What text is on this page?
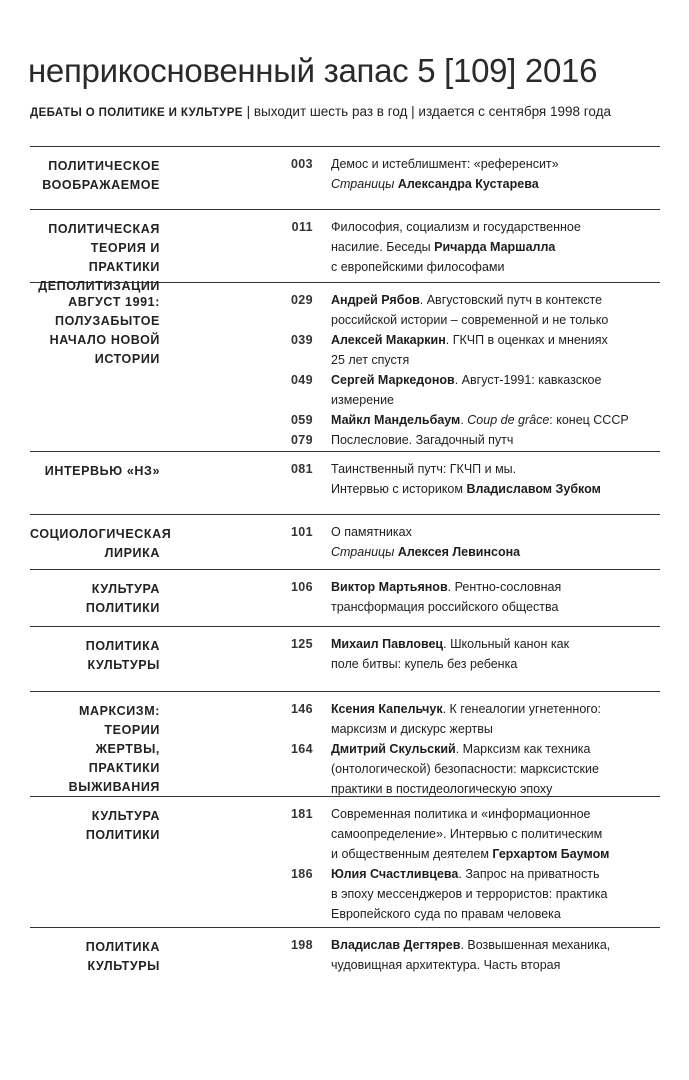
неприкосновенный запас 5 [109] 2016
ДЕБАТЫ О ПОЛИТИКЕ И КУЛЬТУРЕ | выходит шесть раз в год | издается с сентября 1998 года
ПОЛИТИЧЕСКОЕ
ВООБРАЖАЕМОЕ
003 Демос и истеблишмент: «референсит»
Страницы Александра Кустарева
ПОЛИТИЧЕСКАЯ
ТЕОРИЯ И ПРАКТИКИ
ДЕПОЛИТИЗАЦИИ
011 Философия, социализм и государственное
насилие. Беседы Ричарда Маршалла
с европейскими философами
АВГУСТ 1991:
ПОЛУЗАБЫТОЕ
НАЧАЛО НОВОЙ
ИСТОРИИ
029 Андрей Рябов. Августовский путч в контексте
российской истории – современной и не только
039 Алексей Макаркин. ГКЧП в оценках и мнениях
25 лет спустя
049 Сергей Маркедонов. Август-1991: кавказское
измерение
059 Майкл Мандельбаум. Coup de grâce: конец СССР
079 Послесловие. Загадочный путч
ИНТЕРВЬЮ «НЗ»	081 Таинственный путч: ГКЧП и мы.
Интервью с историком Владиславом Зубком
СОЦИОЛОГИЧЕСКАЯ
ЛИРИКА
101 О памятниках
Страницы Алексея Левинсона
КУЛЬТУРА
ПОЛИТИКИ
106 Виктор Мартьянов. Рентно-сословная
трансформация российского общества
ПОЛИТИКА
КУЛЬТУРЫ
125 Михаил Павловец. Школьный канон как
поле битвы: купель без ребенка
МАРКСИЗМ: ТЕОРИИ
ЖЕРТВЫ, ПРАКТИКИ
ВЫЖИВАНИЯ
146 Ксения Капельчук. К генеалогии угнетенного:
марксизм и дискурс жертвы
164 Дмитрий Скульский. Марксизм как техника
(онтологической) безопасности: марксистские
практики в постидеологическую эпоху
КУЛЬТУРА
ПОЛИТИКИ
181 Современная политика и «информационное
самоопределение». Интервью с политическим
и общественным деятелем Герхартом Баумом
186 Юлия Счастливцева. Запрос на приватность
в эпоху мессенджеров и террористов: практика
Европейского суда по правам человека
ПОЛИТИКА
КУЛЬТУРЫ
198 Владислав Дегтярев. Возвышенная механика,
чудовищная архитектура. Часть вторая
